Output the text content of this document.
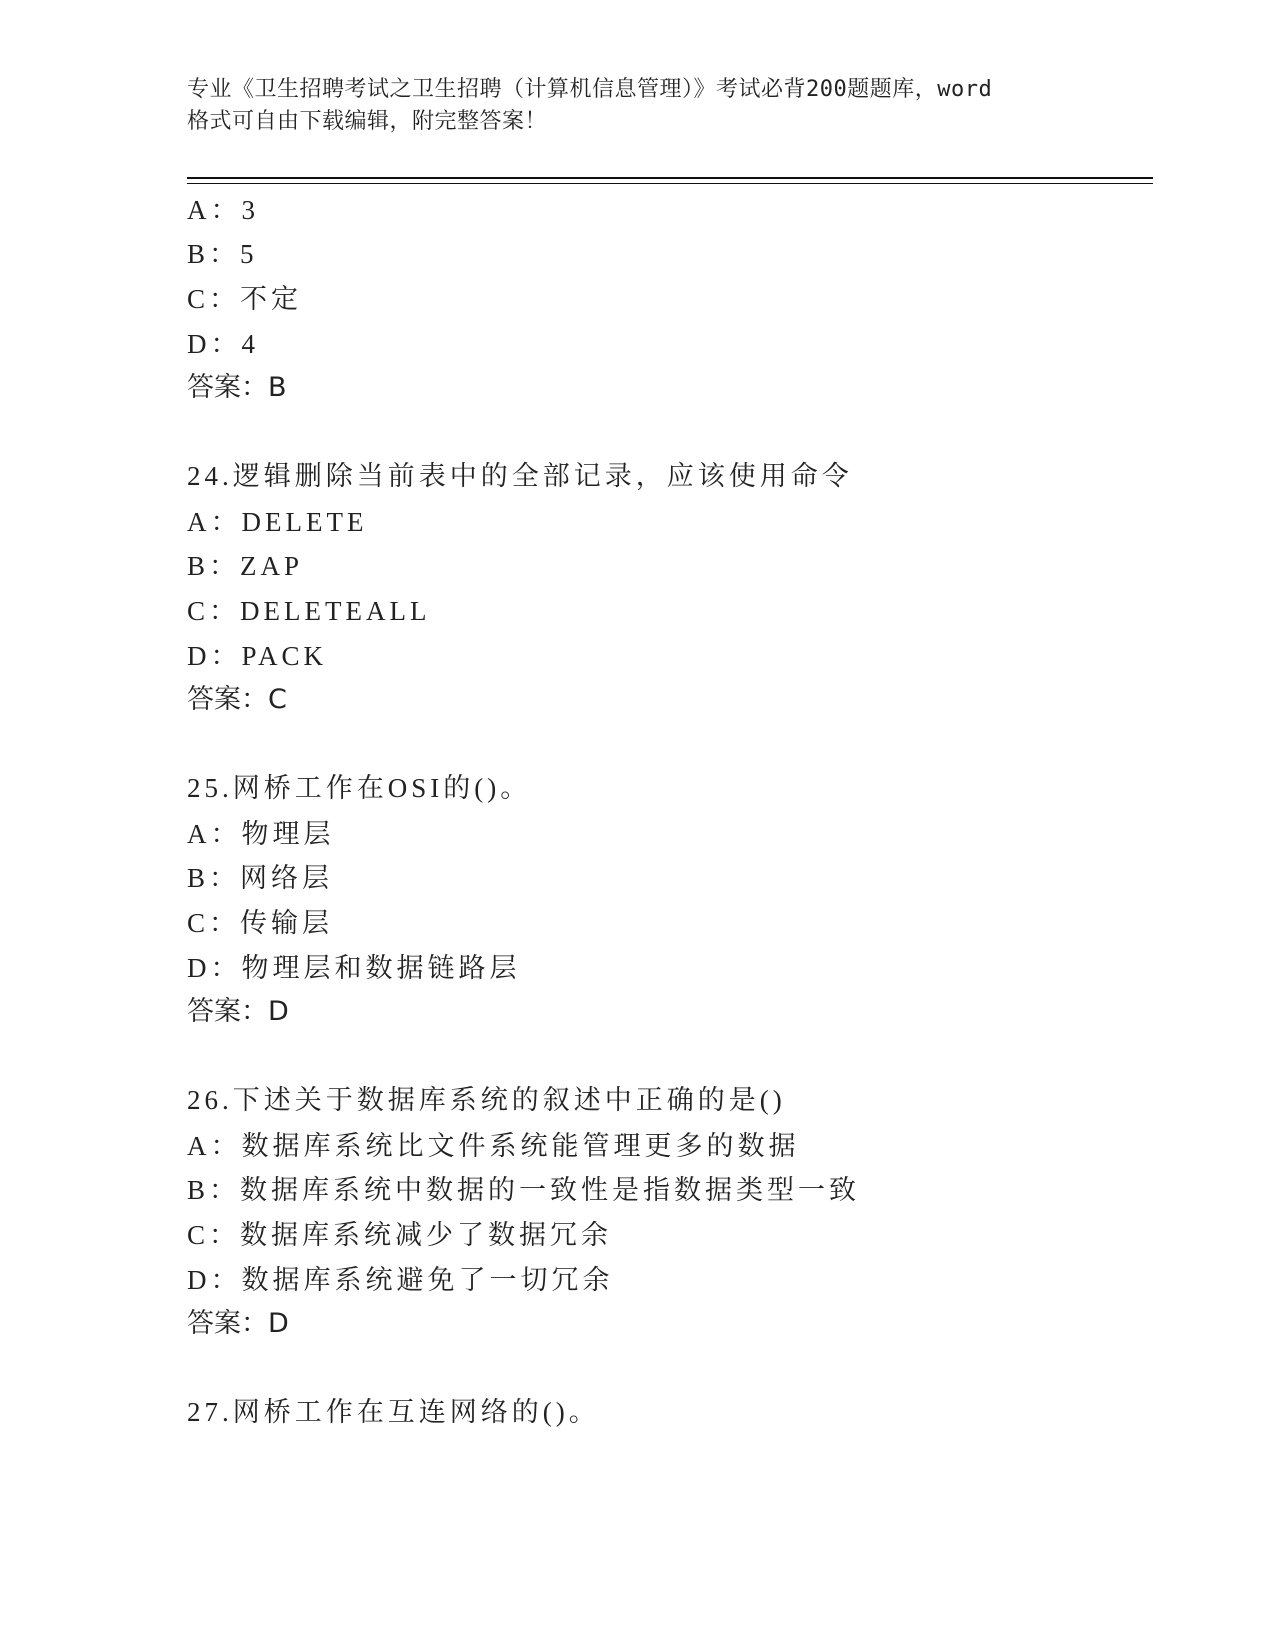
专业《卫生招聘考试之卫生招聘（计算机信息管理）》考试必背200题题库，word
格式可自由下载编辑，附完整答案！
A：3
B：5
C：不定
D：4
答案：B
24.逻辑删除当前表中的全部记录，应该使用命令
A：DELETE
B：ZAP
C：DELETEALL
D：PACK
答案：C
25.网桥工作在OSI的()。
A：物理层
B：网络层
C：传输层
D：物理层和数据链路层
答案：D
26.下述关于数据库系统的叙述中正确的是()
A：数据库系统比文件系统能管理更多的数据
B：数据库系统中数据的一致性是指数据类型一致
C：数据库系统减少了数据冗余
D：数据库系统避免了一切冗余
答案：D
27.网桥工作在互连网络的()。
